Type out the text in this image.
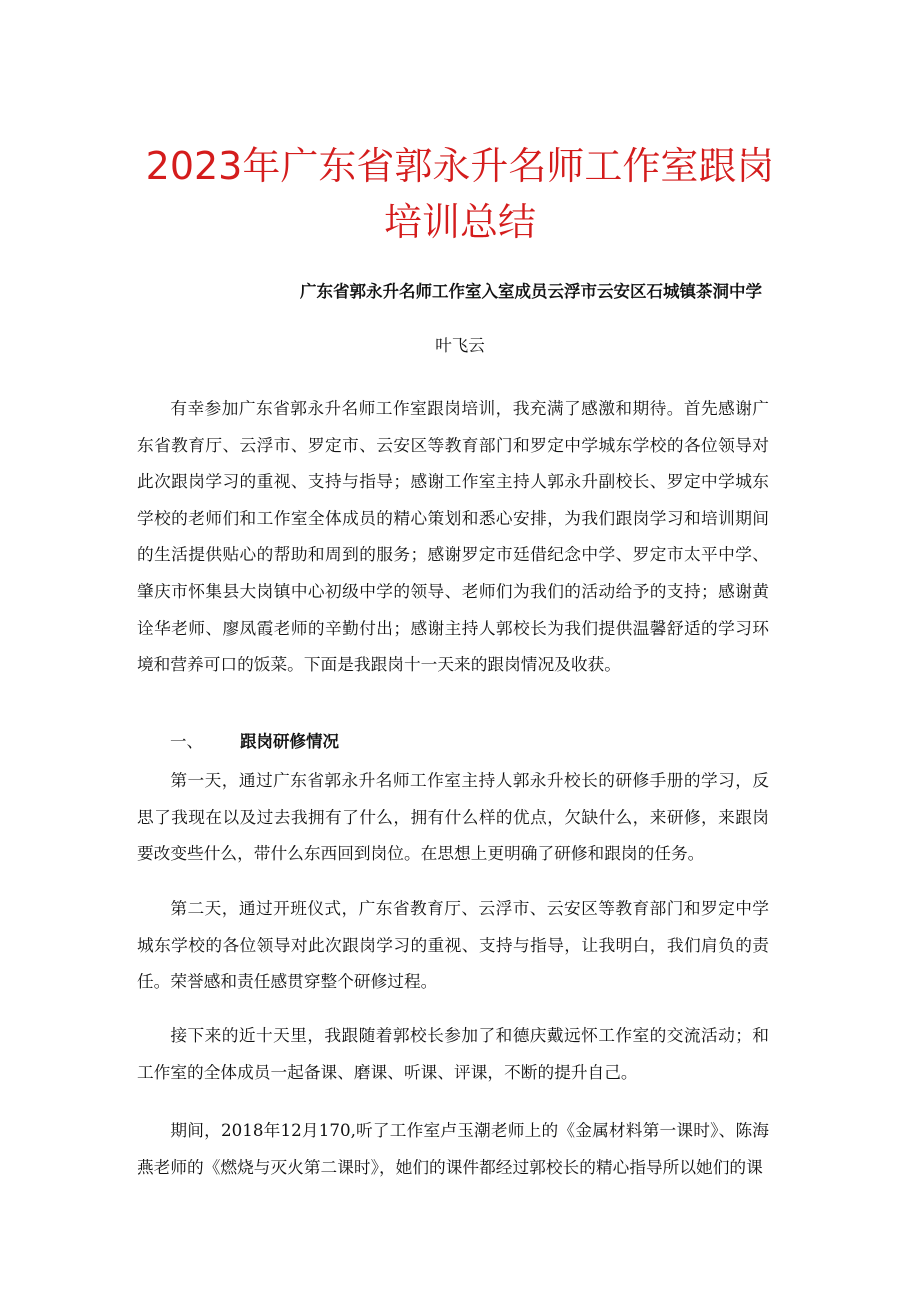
2023年广东省郭永升名师工作室跟岗
培训总结
广东省郭永升名师工作室入室成员云浮市云安区石城镇茶洞中学
叶飞云

有幸参加广东省郭永升名师工作室跟岗培训，我充满了感激和期待。首先感谢广东省教育厅、云浮市、罗定市、云安区等教育部门和罗定中学城东学校的各位领导对此次跟岗学习的重视、支持与指导；感谢工作室主持人郭永升副校长、罗定中学城东学校的老师们和工作室全体成员的精心策划和悉心安排，为我们跟岗学习和培训期间的生活提供贴心的帮助和周到的服务；感谢罗定市廷借纪念中学、罗定市太平中学、肇庆市怀集县大岗镇中心初级中学的领导、老师们为我们的活动给予的支持；感谢黄诠华老师、廖凤霞老师的辛勤付出；感谢主持人郭校长为我们提供温馨舒适的学习环境和营养可口的饭菜。下面是我跟岗十一天来的跟岗情况及收获。

一、 跟岗研修情况

第一天，通过广东省郭永升名师工作室主持人郭永升校长的研修手册的学习，反思了我现在以及过去我拥有了什么，拥有什么样的优点，欠缺什么，来研修，来跟岗要改变些什么，带什么东西回到岗位。在思想上更明确了研修和跟岗的任务。

第二天，通过开班仪式，广东省教育厅、云浮市、云安区等教育部门和罗定中学城东学校的各位领导对此次跟岗学习的重视、支持与指导，让我明白，我们肩负的责任。荣誉感和责任感贯穿整个研修过程。

接下来的近十天里，我跟随着郭校长参加了和德庆戴远怀工作室的交流活动；和工作室的全体成员一起备课、磨课、听课、评课，不断的提升自己。

期间，2018年12月170,听了工作室卢玉潮老师上的《金属材料第一课时》、陈海燕老师的《燃烧与灭火第二课时》，她们的课件都经过郭校长的精心指导所以她们的课
